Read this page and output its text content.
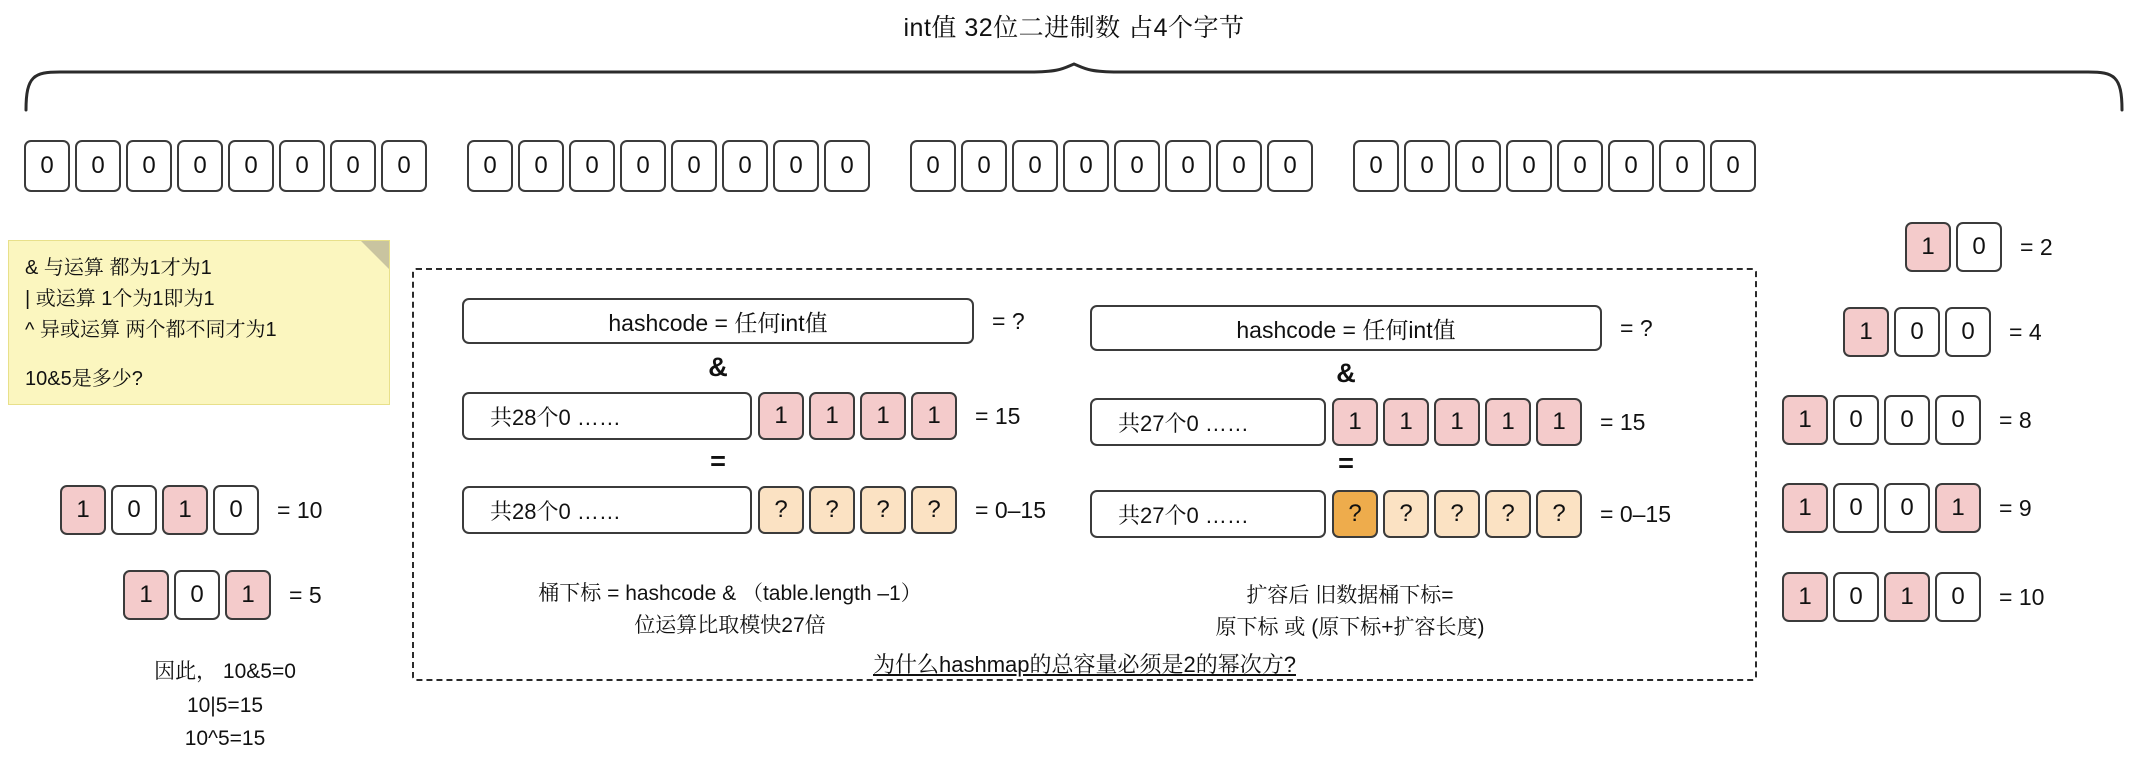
int值 32位二进制数 占4个字节
0	0	0	0	0	0	0	0	0	0	0	0	0	0	0	0	0	0	0	0	0	0	0	0	0	0	0	0	0	0	0	0
& 与运算 都为1才为1
| 或运算 1个为1即为1
^ 异或运算 两个都不同才为1
10&5是多少?
1	0	1	0	= 10
1	0	1	= 5
因此， 10&5=0
10|5=15
10^5=15
hashcode = 任何int值	= ?
&
共28个0 ……	1	1	1	1	= 15
=
共28个0 ……	?	?	?	?	= 0–15
桶下标 = hashcode & （table.length –1）
位运算比取模快27倍
hashcode = 任何int值	= ?
&
共27个0 ……	1	1	1	1	1	= 15
=
共27个0 ……	?	?	?	?	?	= 0–15
扩容后 旧数据桶下标=
原下标 或 (原下标+扩容长度)
为什么hashmap的总容量必须是2的幂次方?
1	0	= 2
1	0	0	= 4
1	0	0	0	= 8
1	0	0	1	= 9
1	0	1	0	= 10
